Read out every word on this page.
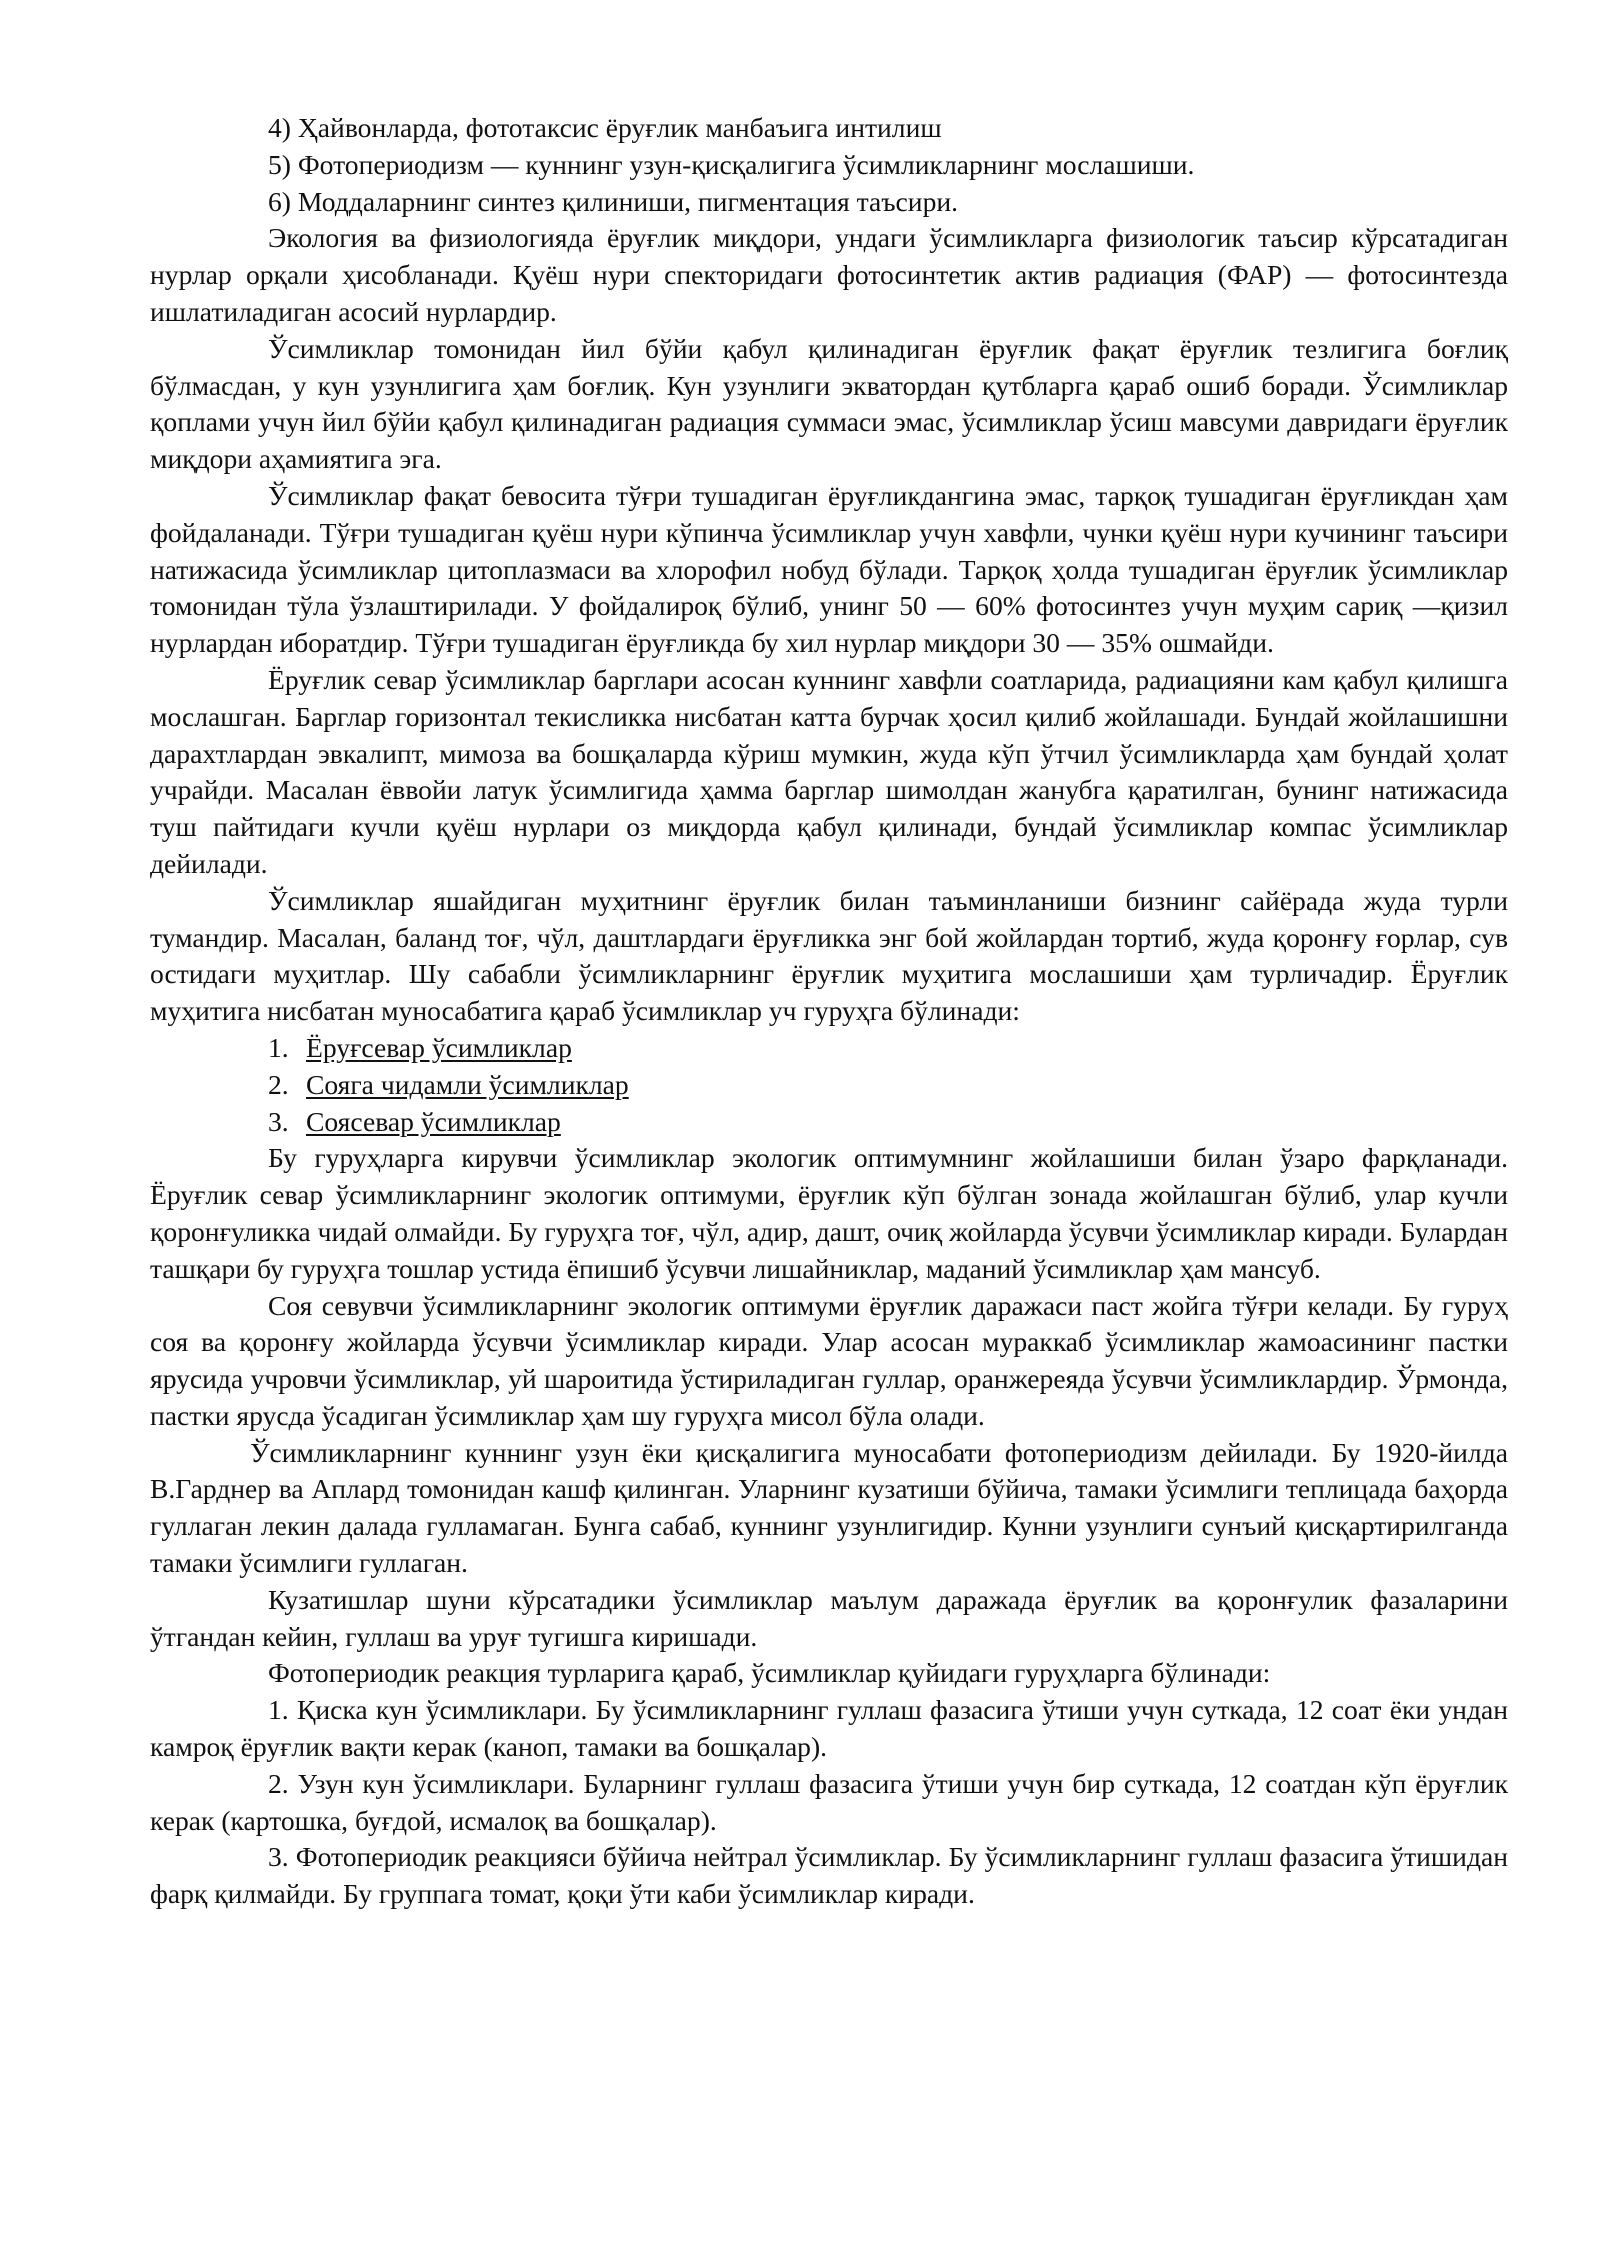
4) Ҳайвонларда, фототаксис ёруғлик манбаъига интилиш

5) Фотопериодизм — куннинг узун-қисқалигига ўсимликларнинг мослашиши.

6) Моддаларнинг синтез қилиниши, пигментация таъсири.

Экология ва физиологияда ёруғлик миқдори, ундаги ўсимликларга физиологик таъсир кўрсатадиган нурлар орқали ҳисобланади. Қуёш нури спекторидаги фотосинтетик актив радиация (ФАР) — фотосинтезда ишлатиладиган асосий нурлардир.

Ўсимликлар томонидан йил бўйи қабул қилинадиган ёруғлик фақат ёруғлик тезлигига боғлиқ бўлмасдан, у кун узунлигига ҳам боғлиқ. Кун узунлиги экватордан қутбларга қараб ошиб боради. Ўсимликлар қоплами учун йил бўйи қабул қилинадиган радиация суммаси эмас, ўсимликлар ўсиш мавсуми давридаги ёруғлик миқдори аҳамиятига эга.

Ўсимликлар фақат бевосита тўғри тушадиган ёруғликдангина эмас, тарқоқ тушадиган ёруғликдан ҳам фойдаланади. Тўғри тушадиган қуёш нури кўпинча ўсимликлар учун хавфли, чунки қуёш нури кучининг таъсири натижасида ўсимликлар цитоплазмаси ва хлорофил нобуд бўлади. Тарқоқ ҳолда тушадиган ёруғлик ўсимликлар томонидан тўла ўзлаштирилади. У фойдалироқ бўлиб, унинг 50 — 60% фотосинтез учун муҳим сариқ —қизил нурлардан иборатдир. Тўғри тушадиган ёруғликда бу хил нурлар миқдори 30 — 35% ошмайди.

Ёруғлик севар ўсимликлар барглари асосан куннинг хавфли соатларида, радиацияни кам қабул қилишга мослашган. Барглар горизонтал текисликка нисбатан катта бурчак ҳосил қилиб жойлашади. Бундай жойлашишни дарахтлардан эвкалипт, мимоза ва бошқаларда кўриш мумкин, жуда кўп ўтчил ўсимликларда ҳам бундай ҳолат учрайди. Масалан ёввойи латук ўсимлигида ҳамма барглар шимолдан жанубга қаратилган, бунинг натижасида туш пайтидаги кучли қуёш нурлари оз миқдорда қабул қилинади, бундай ўсимликлар компас ўсимликлар дейилади.

Ўсимликлар яшайдиган муҳитнинг ёруғлик билан таъминланиши бизнинг сайёрада жуда турли тумандир. Масалан, баланд тоғ, чўл, даштлардаги ёруғликка энг бой жойлардан тортиб, жуда қоронғу ғорлар, сув остидаги муҳитлар. Шу сабабли ўсимликларнинг ёруғлик муҳитига мослашиши ҳам турличадир. Ёруғлик муҳитига нисбатан муносабатига қараб ўсимликлар уч гуруҳга бўлинади:

1. Ёруғсевар ўсимликлар

2. Сояга чидамли ўсимликлар

3. Соясевар ўсимликлар

Бу гуруҳларга кирувчи ўсимликлар экологик оптимумнинг жойлашиши билан ўзаро фарқланади. Ёруғлик севар ўсимликларнинг экологик оптимуми, ёруғлик кўп бўлган зонада жойлашган бўлиб, улар кучли қоронғуликка чидай олмайди. Бу гуруҳга тоғ, чўл, адир, дашт, очиқ жойларда ўсувчи ўсимликлар киради. Булардан ташқари бу гуруҳга тошлар устида ёпишиб ўсувчи лишайниклар, маданий ўсимликлар ҳам мансуб.

Соя севувчи ўсимликларнинг экологик оптимуми ёруғлик даражаси паст жойга тўғри келади. Бу гуруҳ соя ва қоронғу жойларда ўсувчи ўсимликлар киради. Улар асосан мураккаб ўсимликлар жамоасининг пастки ярусида учровчи ўсимликлар, уй шароитида ўстириладиган гуллар, оранжереяда ўсувчи ўсимликлардир. Ўрмонда, пастки ярусда ўсадиган ўсимликлар ҳам шу гуруҳга мисол бўла олади.

Ўсимликларнинг куннинг узун ёки қисқалигига муносабати фотопериодизм дейилади. Бу 1920-йилда В.Гарднер ва Аплард томонидан кашф қилинган. Уларнинг кузатиши бўйича, тамаки ўсимлиги теплицада баҳорда гуллаган лекин далада гулламаган. Бунга сабаб, куннинг узунлигидир. Кунни узунлиги сунъий қисқартирилганда тамаки ўсимлиги гуллаган.

Кузатишлар шуни кўрсатадики ўсимликлар маълум даражада ёруғлик ва қоронғулик фазаларини ўтгандан кейин, гуллаш ва уруғ тугишга киришади.

Фотопериодик реакция турларига қараб, ўсимликлар қуйидаги гуруҳларга бўлинади:

1. Қиска кун ўсимликлари. Бу ўсимликларнинг гуллаш фазасига ўтиши учун суткада, 12 соат ёки ундан камроқ ёруғлик вақти керак (каноп, тамаки ва бошқалар).

2. Узун кун ўсимликлари. Буларнинг гуллаш фазасига ўтиши учун бир суткада, 12 соатдан кўп ёруғлик керак (картошка, буғдой, исмалоқ ва бошқалар).

3. Фотопериодик реакцияси бўйича нейтрал ўсимликлар. Бу ўсимликларнинг гуллаш фазасига ўтишидан фарқ қилмайди. Бу группага томат, қоқи ўти каби ўсимликлар киради.
